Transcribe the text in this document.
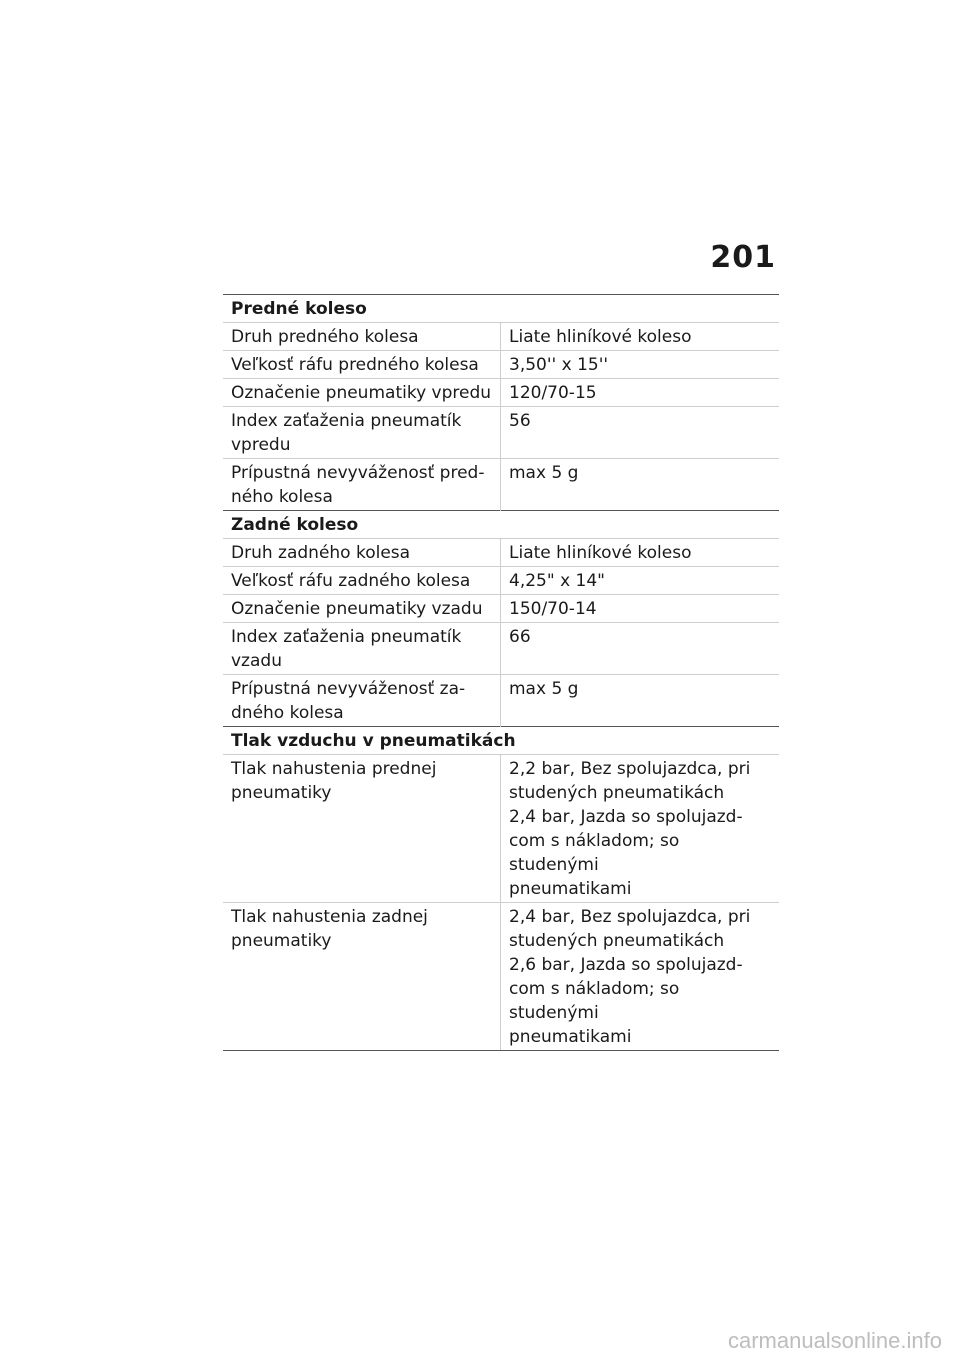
201
Predné koleso	

Druh predného kolesa	Liate hliníkové koleso

Veľkosť ráfu predného kolesa	3,50'' x 15''

Označenie pneumatiky vpredu	120/70-15

Index zaťaženia pneumatík
vpredu	56

Prípustná nevyváženosť pred-
ného kolesa	max 5 g

Zadné koleso	

Druh zadného kolesa	Liate hliníkové koleso

Veľkosť ráfu zadného kolesa	4,25" x 14"

Označenie pneumatiky vzadu	150/70-14

Index zaťaženia pneumatík
vzadu	66

Prípustná nevyváženosť za-
dného kolesa	max 5 g

Tlak vzduchu v pneumatikách	

Tlak nahustenia prednej
pneumatiky	2,2 bar, Bez spolujazdca, pri
studených pneumatikách
2,4 bar, Jazda so spolujazd-
com s nákladom; so studenými
pneumatikami

Tlak nahustenia zadnej
pneumatiky	2,4 bar, Bez spolujazdca, pri
studených pneumatikách
2,6 bar, Jazda so spolujazd-
com s nákladom; so studenými
pneumatikami
carmanualsonline.info
